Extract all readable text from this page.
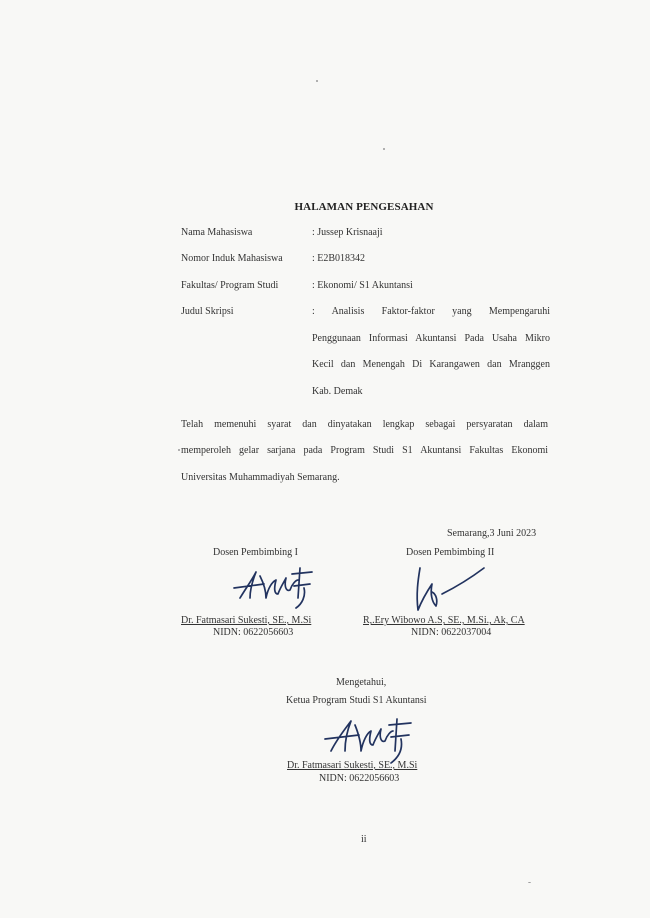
HALAMAN PENGESAHAN
Nama Mahasiswa	: Jussep Krisnaaji
Nomor Induk Mahasiswa	: E2B018342
Fakultas/ Program Studi	: Ekonomi/ S1 Akuntansi
Judul Skripsi	: Analisis Faktor-faktor yang Mempengaruhi
Penggunaan Informasi Akuntansi Pada Usaha Mikro
Kecil dan Menengah Di Karangawen dan Mranggen
Kab. Demak
Telah memenuhi syarat dan dinyatakan lengkap sebagai persyaratan dalam
memperoleh gelar sarjana pada Program Studi S1 Akuntansi Fakultas Ekonomi
Universitas Muhammadiyah Semarang.
Semarang,3 Juni 2023
Dosen Pembimbing I
Dr. Fatmasari Sukesti, SE., M.Si
NIDN: 0622056603
Dosen Pembimbing II
R,.Ery Wibowo A.S, SE., M.Si., Ak, CA
NIDN: 0622037004
Mengetahui,
Ketua Program Studi S1 Akuntansi
Dr. Fatmasari Sukesti, SE., M.Si
NIDN: 0622056603
ii
